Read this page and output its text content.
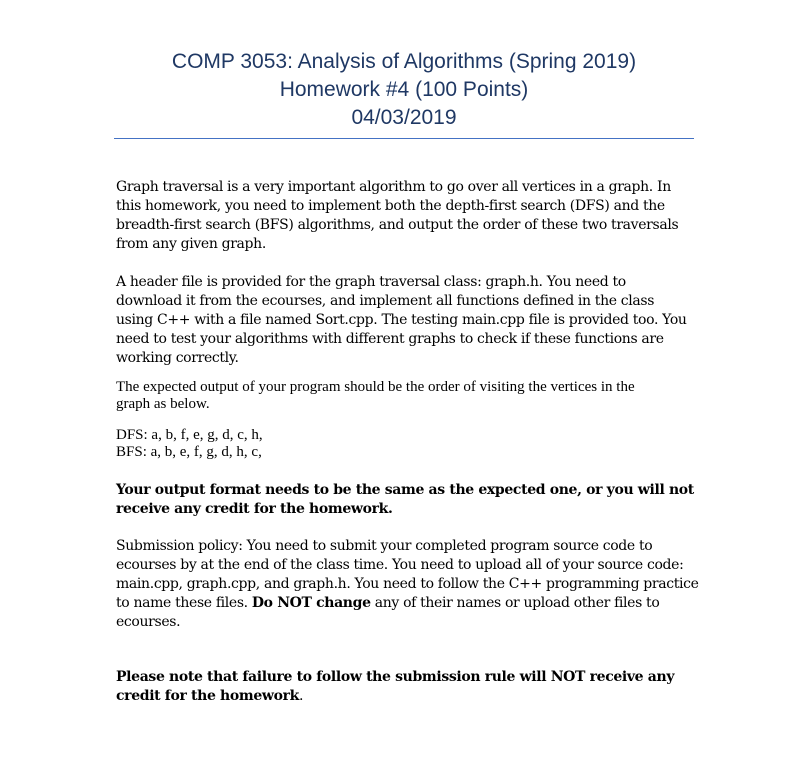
COMP 3053: Analysis of Algorithms (Spring 2019)
Homework #4 (100 Points)
04/03/2019
Graph traversal is a very important algorithm to go over all vertices in a graph. In
this homework, you need to implement both the depth-first search (DFS) and the
breadth-first search (BFS) algorithms, and output the order of these two traversals
from any given graph.
A header file is provided for the graph traversal class: graph.h. You need to
download it from the ecourses, and implement all functions defined in the class
using C++ with a file named Sort.cpp. The testing main.cpp file is provided too. You
need to test your algorithms with different graphs to check if these functions are
working correctly.
The expected output of your program should be the order of visiting the vertices in the
graph as below.
DFS: a, b, f, e, g, d, c, h,
BFS: a, b, e, f, g, d, h, c,
Your output format needs to be the same as the expected one, or you will not
receive any credit for the homework.
Submission policy: You need to submit your completed program source code to
ecourses by at the end of the class time. You need to upload all of your source code:
main.cpp, graph.cpp, and graph.h. You need to follow the C++ programming practice
to name these files. Do NOT change any of their names or upload other files to
ecourses.
Please note that failure to follow the submission rule will NOT receive any
credit for the homework.
